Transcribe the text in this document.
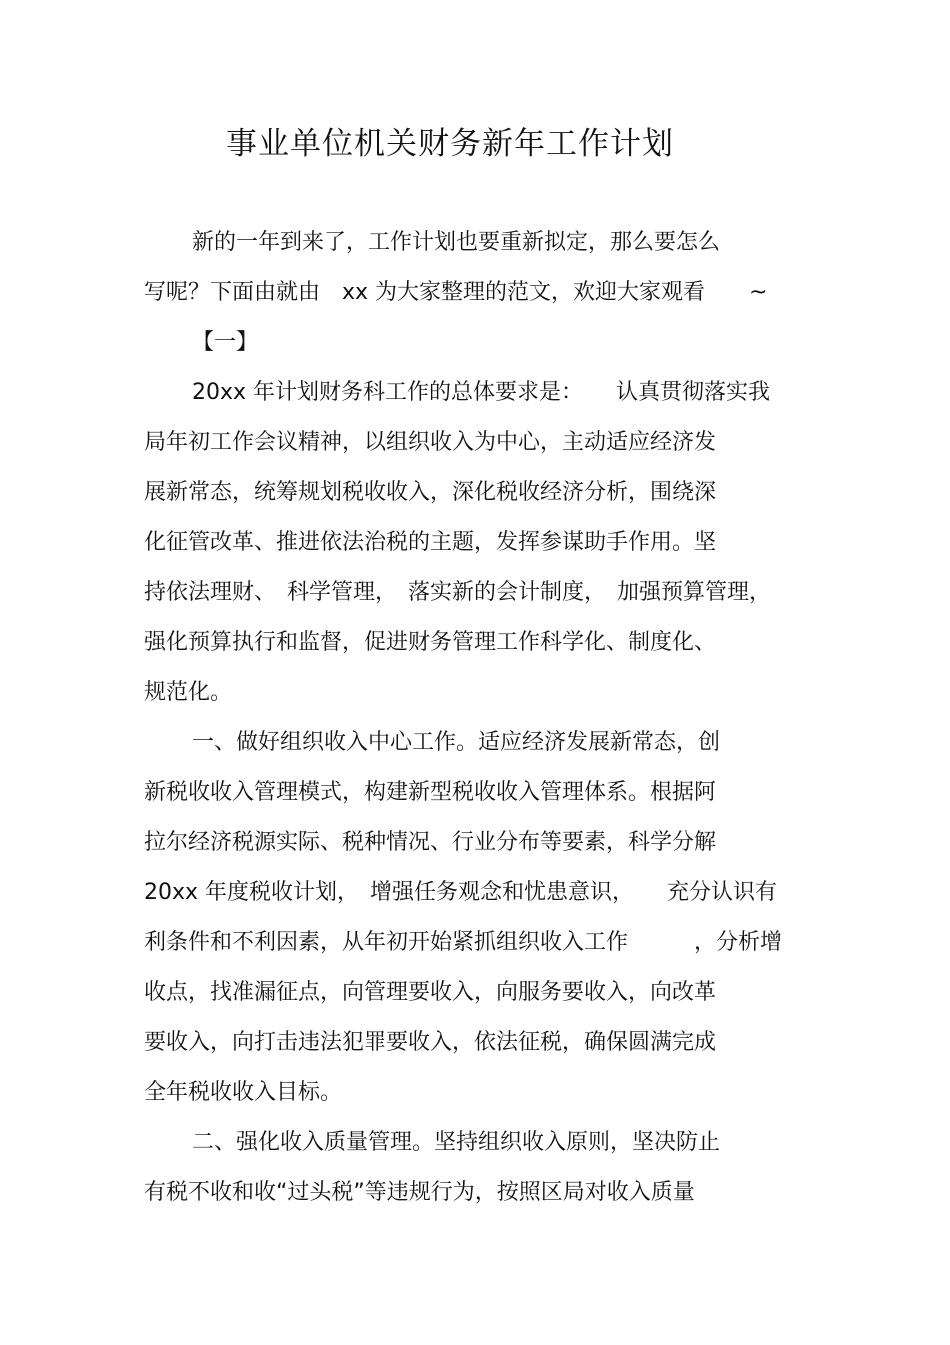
事业单位机关财务新年工作计划
新的一年到来了，工作计划也要重新拟定，那么要怎么
写呢？下面由就由　xx 为大家整理的范文，欢迎大家观看　　~
【一】
20xx 年计划财务科工作的总体要求是：　　认真贯彻落实我
局年初工作会议精神，以组织收入为中心，主动适应经济发
展新常态，统筹规划税收收入，深化税收经济分析，围绕深
化征管改革、推进依法治税的主题，发挥参谋助手作用。坚
持依法理财、　科学管理，　落实新的会计制度，　加强预算管理，
强化预算执行和监督，促进财务管理工作科学化、制度化、
规范化。
一、做好组织收入中心工作。适应经济发展新常态，创
新税收收入管理模式，构建新型税收收入管理体系。根据阿
拉尔经济税源实际、税种情况、行业分布等要素，科学分解
20xx 年度税收计划，　增强任务观念和忧患意识，　　充分认识有
利条件和不利因素，从年初开始紧抓组织收入工作　　　，分析增
收点，找准漏征点，向管理要收入，向服务要收入，向改革
要收入，向打击违法犯罪要收入，依法征税，确保圆满完成
全年税收收入目标。
二、强化收入质量管理。坚持组织收入原则，坚决防止
有税不收和收“过头税”等违规行为，按照区局对收入质量
